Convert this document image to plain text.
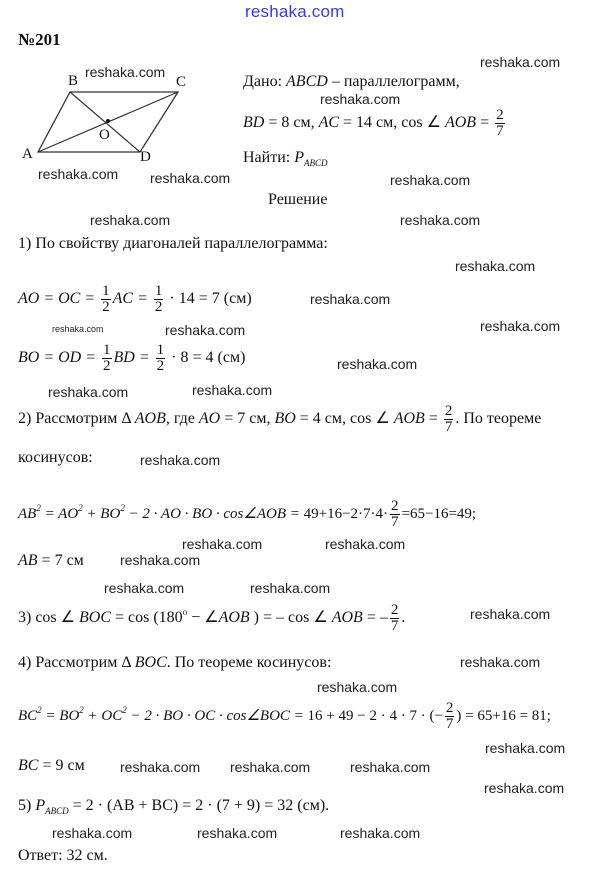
reshaka.com
№201
A
B	C
D
O
Дано: ABCD – параллелограмм,
BD = 8 см, AC = 14 см, cos ∠ AOB = $\frac{2}{7}$
Найти: $P_{ABCD}$
Решение
1) По свойству диагоналей параллелограмма:
AO = OC = $\frac{1}{2}$ AC = $\frac{1}{2} \cdot 14 = 7$ (см)
BO = OD = $\frac{1}{2}$ BD = $\frac{1}{2} \cdot 8 = 4$ (см)
2) Рассмотрим Δ AOB, где AO = 7 см, BO = 4 см, cos ∠ AOB = $\frac{2}{7}$ . По теореме
косинусов:
$AB^2 = AO^2 + BO^2 - 2$ · AO · BO · cos∠AOB = $49+16-2\cdot 7\cdot 4\cdot \frac{2}{7} =65-16=49$;
AB = 7 см
3) cos ∠ BOC = $\cos (180^o$ − ∠AOB ) = – cos ∠ AOB = – $\frac{2}{7}$ .
4) Рассмотрим Δ BOC. По теореме косинусов:
$BC^2 = BO^2 + OC^2 - 2$ · BO · OC · cos∠BOC = 16 + 49 − 2 · 4 · 7 · (− $\frac{2}{7}$ ) = 65+16 = 81;
BC = 9 см
5) $P_{ABCD} = 2 \cdot (AB + BC) = 2 \cdot (7 + 9) = 32$ (см).
Ответ: 32 см.
reshaka.com
reshaka.com
reshaka.com
reshaka.com
reshaka.com	reshaka.com
reshaka.com	reshaka.com
reshaka.com
reshaka.com	reshaka.com
reshaka.com
reshaka.com
reshaka.com	reshaka.com
reshaka.com
reshaka.com
reshaka.com
reshaka.com
reshaka.com
reshaka.com	reshaka.com
reshaka.com
reshaka.com
reshaka.com
reshaka.com
reshaka.com reshaka.com	reshaka.com
reshaka.com
reshaka.com	reshaka.com	reshaka.com
